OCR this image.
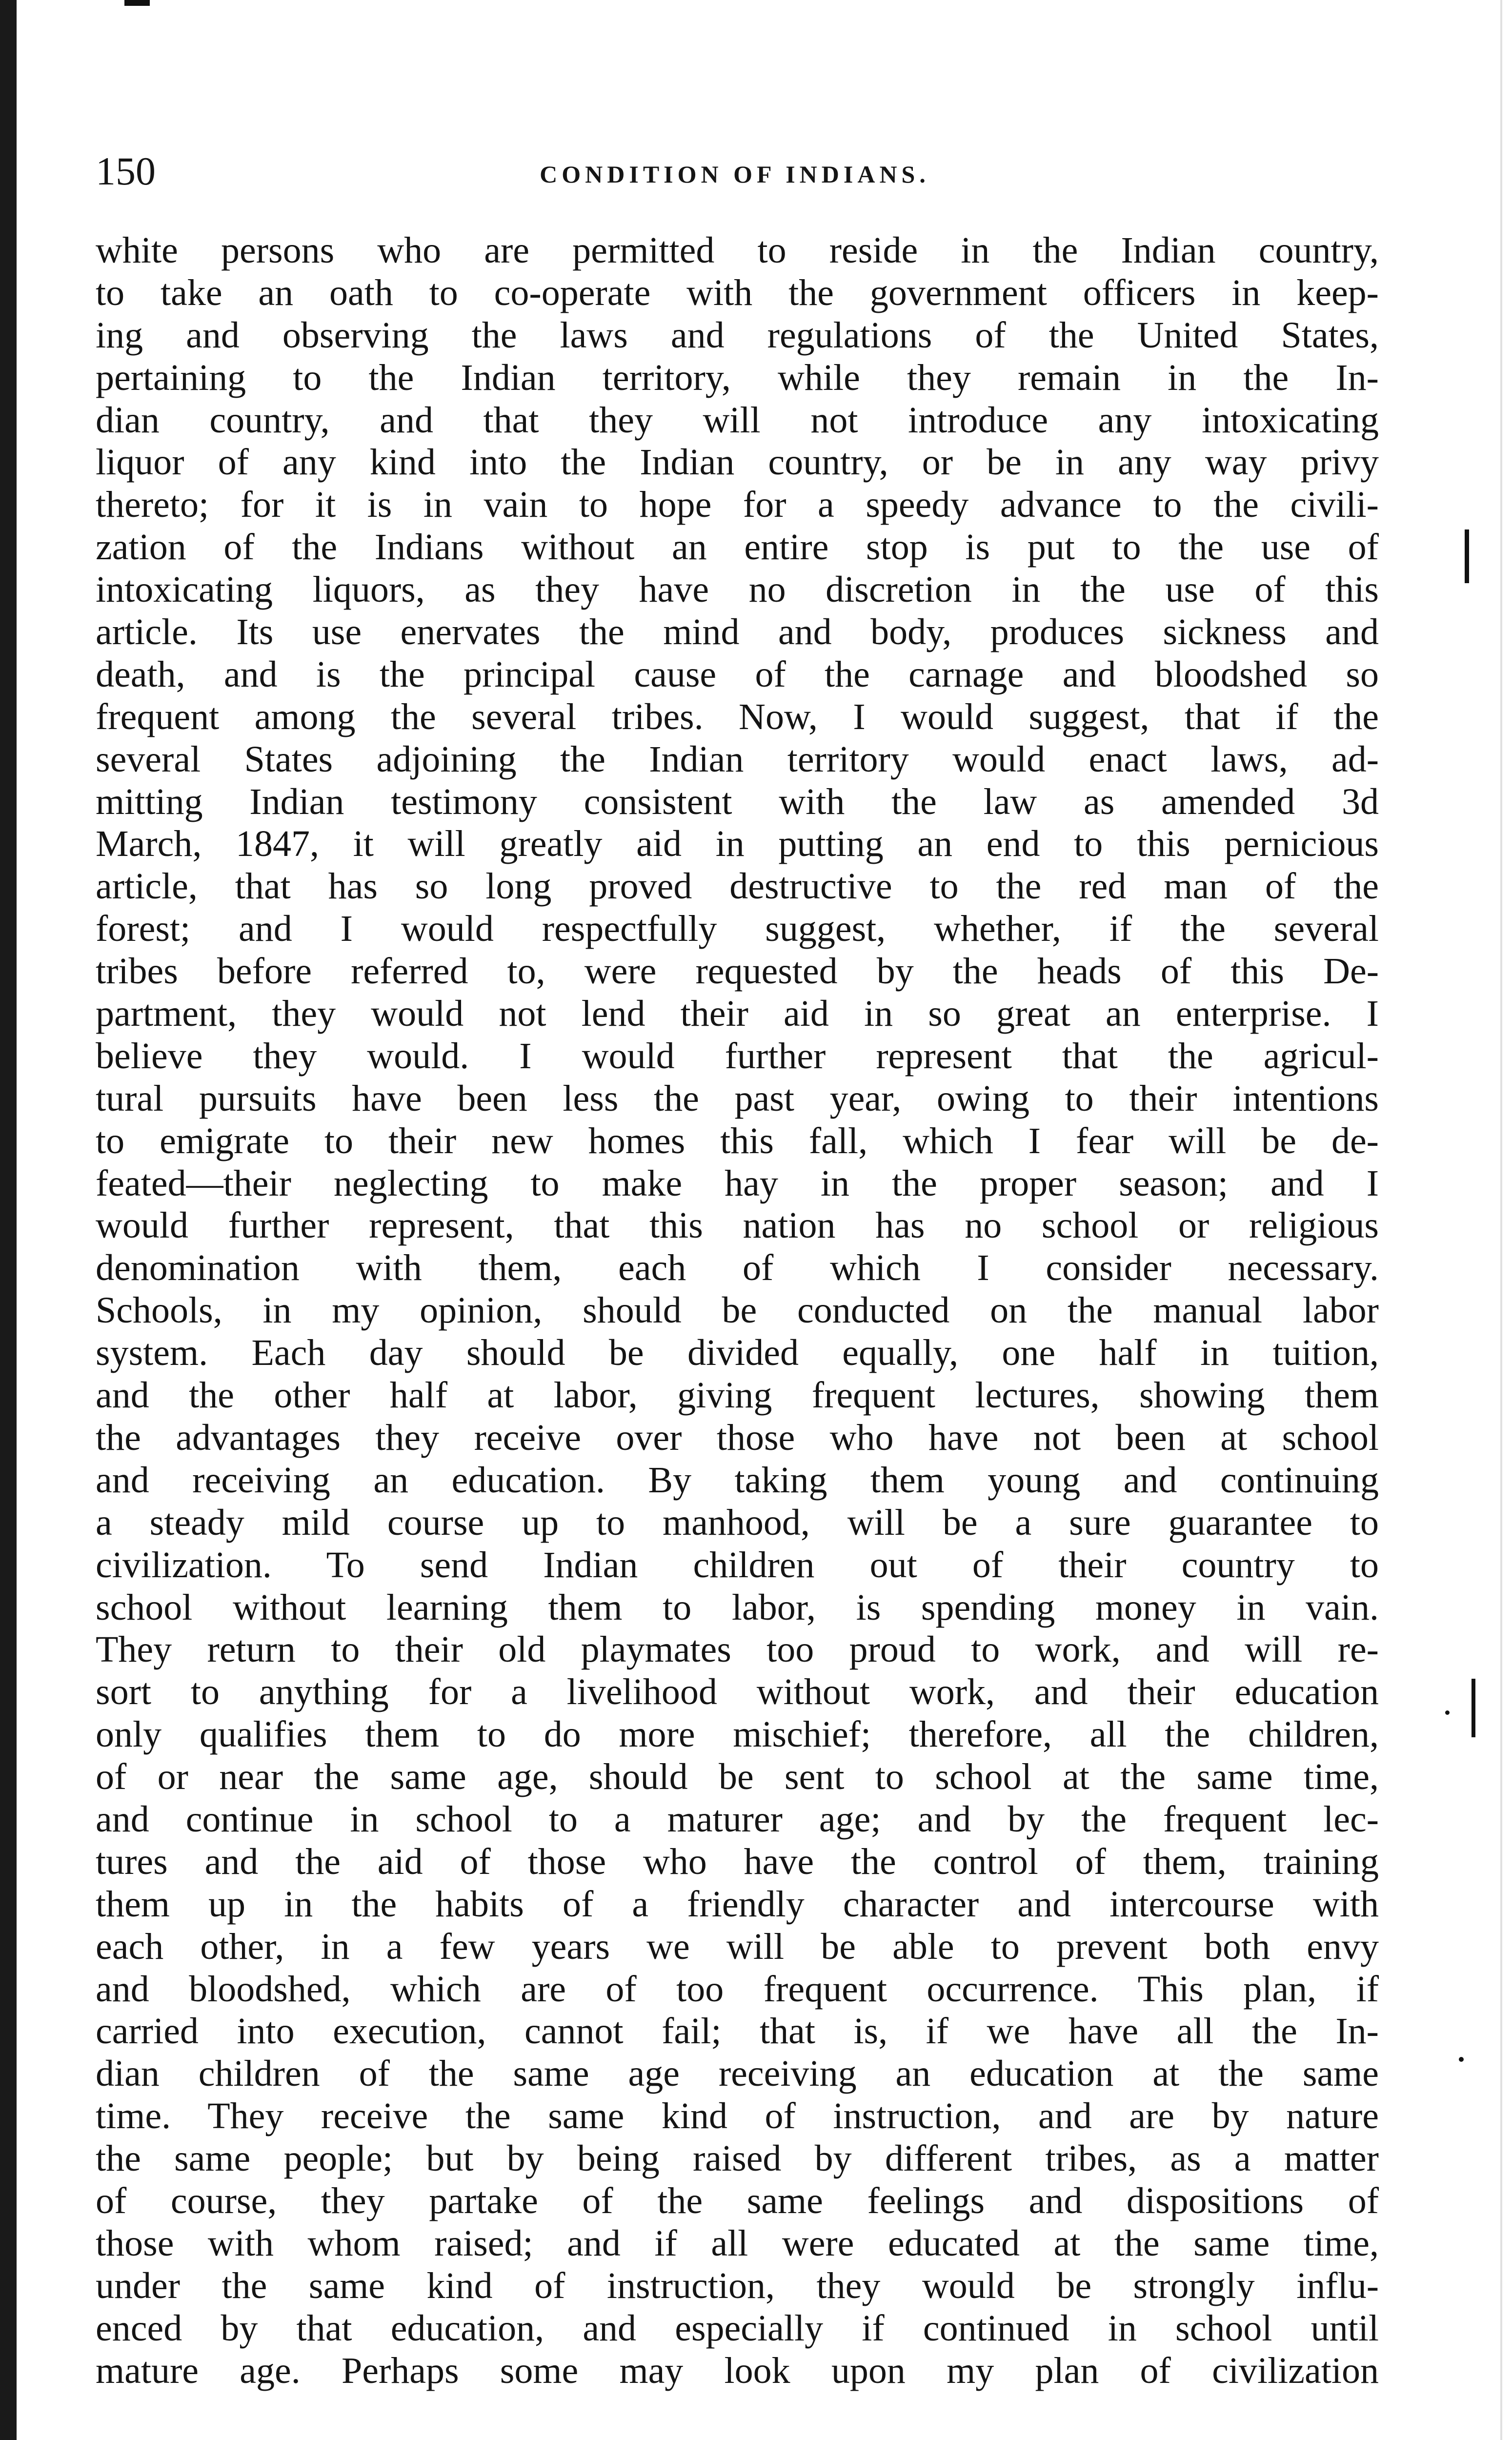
150	CONDITION OF INDIANS.
white persons who are permitted to reside in the Indian country,
to take an oath to co-operate with the government officers in keep-
ing and observing the laws and regulations of the United States,
pertaining to the Indian territory, while they remain in the In-
dian country, and that they will not introduce any intoxicating
liquor of any kind into the Indian country, or be in any way privy
thereto; for it is in vain to hope for a speedy advance to the civili-
zation of the Indians without an entire stop is put to the use of
intoxicating liquors, as they have no discretion in the use of this
article. Its use enervates the mind and body, produces sickness and
death, and is the principal cause of the carnage and bloodshed so
frequent among the several tribes. Now, I would suggest, that if the
several States adjoining the Indian territory would enact laws, ad-
mitting Indian testimony consistent with the law as amended 3d
March, 1847, it will greatly aid in putting an end to this pernicious
article, that has so long proved destructive to the red man of the
forest; and I would respectfully suggest, whether, if the several
tribes before referred to, were requested by the heads of this De-
partment, they would not lend their aid in so great an enterprise. I
believe they would. I would further represent that the agricul-
tural pursuits have been less the past year, owing to their intentions
to emigrate to their new homes this fall, which I fear will be de-
feated—their neglecting to make hay in the proper season; and I
would further represent, that this nation has no school or religious
denomination with them, each of which I consider necessary.
Schools, in my opinion, should be conducted on the manual labor
system. Each day should be divided equally, one half in tuition,
and the other half at labor, giving frequent lectures, showing them
the advantages they receive over those who have not been at school
and receiving an education. By taking them young and continuing
a steady mild course up to manhood, will be a sure guarantee to
civilization. To send Indian children out of their country to
school without learning them to labor, is spending money in vain.
They return to their old playmates too proud to work, and will re-
sort to anything for a livelihood without work, and their education
only qualifies them to do more mischief; therefore, all the children,
of or near the same age, should be sent to school at the same time,
and continue in school to a maturer age; and by the frequent lec-
tures and the aid of those who have the control of them, training
them up in the habits of a friendly character and intercourse with
each other, in a few years we will be able to prevent both envy
and bloodshed, which are of too frequent occurrence. This plan, if
carried into execution, cannot fail; that is, if we have all the In-
dian children of the same age receiving an education at the same
time. They receive the same kind of instruction, and are by nature
the same people; but by being raised by different tribes, as a matter
of course, they partake of the same feelings and dispositions of
those with whom raised; and if all were educated at the same time,
under the same kind of instruction, they would be strongly influ-
enced by that education, and especially if continued in school until
mature age. Perhaps some may look upon my plan of civilization
